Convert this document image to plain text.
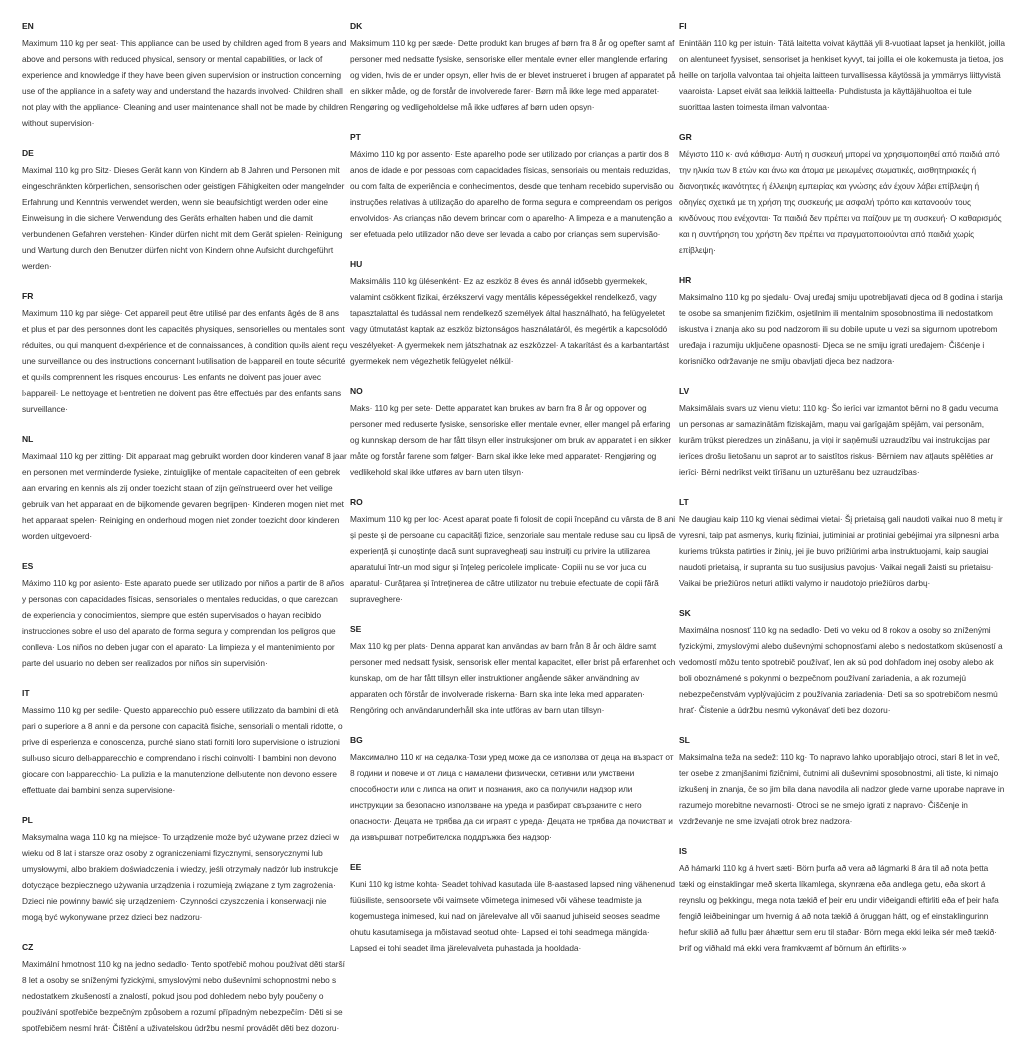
EN

Maximum 110 kg per seat· This appliance can be used by children aged from 8 years and above and persons with reduced physical, sensory or mental capabilities, or lack of experience and knowledge if they have been given supervision or instruction concerning use of the appliance in a safety way and understand the hazards involved· Children shall not play with the appliance· Cleaning and user maintenance shall not be made by children without supervision·

DE

Maximal 110 kg pro Sitz· Dieses Gerät kann von Kindern ab 8 Jahren und Personen mit eingeschränkten körperlichen, sensorischen oder geistigen Fähigkeiten oder mangelnder Erfahrung und Kenntnis verwendet werden, wenn sie beaufsichtigt werden oder eine Einweisung in die sichere Verwendung des Geräts erhalten haben und die damit verbundenen Gefahren verstehen· Kinder dürfen nicht mit dem Gerät spielen· Reinigung und Wartung durch den Benutzer dürfen nicht von Kindern ohne Aufsicht durchgeführt werden·

FR

Maximum 110 kg par siège· Cet appareil peut être utilisé par des enfants âgés de 8 ans et plus et par des personnes dont les capacités physiques, sensorielles ou mentales sont réduites, ou qui manquent d›expérience et de connaissances, à condition qu›ils aient reçu une surveillance ou des instructions concernant l›utilisation de l›appareil en toute sécurité et qu›ils comprennent les risques encourus· Les enfants ne doivent pas jouer avec l›appareil· Le nettoyage et l›entretien ne doivent pas être effectués par des enfants sans surveillance·

NL

Maximaal 110 kg per zitting· Dit apparaat mag gebruikt worden door kinderen vanaf 8 jaar en personen met verminderde fysieke, zintuiglijke of mentale capaciteiten of een gebrek aan ervaring en kennis als zij onder toezicht staan of zijn geïnstrueerd over het veilige gebruik van het apparaat en de bijkomende gevaren begrijpen· Kinderen mogen niet met het apparaat spelen· Reiniging en onderhoud mogen niet zonder toezicht door kinderen worden uitgevoerd·

ES

Máximo 110 kg por asiento· Este aparato puede ser utilizado por niños a partir de 8 años y personas con capacidades físicas, sensoriales o mentales reducidas, o que carezcan de experiencia y conocimientos, siempre que estén supervisados o hayan recibido instrucciones sobre el uso del aparato de forma segura y comprendan los peligros que conlleva· Los niños no deben jugar con el aparato· La limpieza y el mantenimiento por parte del usuario no deben ser realizados por niños sin supervisión·

IT

Massimo 110 kg per sedile· Questo apparecchio può essere utilizzato da bambini di età pari o superiore a 8 anni e da persone con capacità fisiche, sensoriali o mentali ridotte, o prive di esperienza e conoscenza, purché siano stati forniti loro supervisione o istruzioni sull›uso sicuro dell›apparecchio e comprendano i rischi coinvolti· I bambini non devono giocare con l›apparecchio· La pulizia e la manutenzione dell›utente non devono essere effettuate dai bambini senza supervisione·

PL

Maksymalna waga 110 kg na miejsce· To urządzenie może być używane przez dzieci w wieku od 8 lat i starsze oraz osoby z ograniczeniami fizycznymi, sensorycznymi lub umysłowymi, albo brakiem doświadczenia i wiedzy, jeśli otrzymały nadzór lub instrukcje dotyczące bezpiecznego używania urządzenia i rozumieją związane z tym zagrożenia· Dzieci nie powinny bawić się urządzeniem· Czynności czyszczenia i konserwacji nie mogą być wykonywane przez dzieci bez nadzoru·

CZ

Maximální hmotnost 110 kg na jedno sedadlo· Tento spotřebič mohou používat děti starší 8 let a osoby se sníženými fyzickými, smyslovými nebo duševními schopnostmi nebo s nedostatkem zkušeností a znalostí, pokud jsou pod dohledem nebo byly poučeny o používání spotřebiče bezpečným způsobem a rozumí případným nebezpečím· Děti si se spotřebičem nesmí hrát· Čištění a uživatelskou údržbu nesmí provádět děti bez dozoru·

DK

Maksimum 110 kg per sæde· Dette produkt kan bruges af børn fra 8 år og opefter samt af personer med nedsatte fysiske, sensoriske eller mentale evner eller manglende erfaring og viden, hvis de er under opsyn, eller hvis de er blevet instrueret i brugen af apparatet på en sikker måde, og de forstår de involverede farer· Børn må ikke lege med apparatet· Rengøring og vedligeholdelse må ikke udføres af børn uden opsyn·

PT

Máximo 110 kg por assento· Este aparelho pode ser utilizado por crianças a partir dos 8 anos de idade e por pessoas com capacidades físicas, sensoriais ou mentais reduzidas, ou com falta de experiência e conhecimentos, desde que tenham recebido supervisão ou instruções relativas à utilização do aparelho de forma segura e compreendam os perigos envolvidos· As crianças não devem brincar com o aparelho· A limpeza e a manutenção a ser efetuada pelo utilizador não deve ser levada a cabo por crianças sem supervisão·

HU

Maksimális 110 kg ülésenként· Ez az eszköz 8 éves és annál idősebb gyermekek, valamint csökkent fizikai, érzékszervi vagy mentális képességekkel rendelkező, vagy tapasztalattal és tudással nem rendelkező személyek által használható, ha felügyeletet vagy útmutatást kaptak az eszköz biztonságos használatáról, és megértik a kapcsolódó veszélyeket· A gyermekek nem játszhatnak az eszközzel· A takarítást és a karbantartást gyermekek nem végezhetik felügyelet nélkül·

NO

Maks· 110 kg per sete· Dette apparatet kan brukes av barn fra 8 år og oppover og personer med reduserte fysiske, sensoriske eller mentale evner, eller mangel på erfaring og kunnskap dersom de har fått tilsyn eller instruksjoner om bruk av apparatet i en sikker måte og forstår farene som følger· Barn skal ikke leke med apparatet· Rengjøring og vedlikehold skal ikke utføres av barn uten tilsyn·

RO

Maximum 110 kg per loc· Acest aparat poate fi folosit de copii începând cu vârsta de 8 ani și peste și de persoane cu capacități fizice, senzoriale sau mentale reduse sau cu lipsă de experiență și cunoștințe dacă sunt supravegheați sau instruiți cu privire la utilizarea aparatului într-un mod sigur și înțeleg pericolele implicate· Copiii nu se vor juca cu aparatul· Curățarea și întreținerea de către utilizator nu trebuie efectuate de copii fără supraveghere·

SE

Max 110 kg per plats· Denna apparat kan användas av barn från 8 år och äldre samt personer med nedsatt fysisk, sensorisk eller mental kapacitet, eller brist på erfarenhet och kunskap, om de har fått tillsyn eller instruktioner angående säker användning av apparaten och förstår de involverade riskerna· Barn ska inte leka med apparaten· Rengöring och användarunderhåll ska inte utföras av barn utan tillsyn·

BG

Максимално 110 кг на седалка·Този уред може да се използва от деца на възраст от 8 години и повече и от лица с намалени физически, сетивни или умствени способности или с липса на опит и познания, ако са получили надзор или инструкции за безопасно използване на уреда и разбират свързаните с него опасности· Децата не трябва да си играят с уреда· Децата не трябва да почистват и да извършват потребителска поддръжка без надзор·

EE

Kuni 110 kg istme kohta· Seadet tohivad kasutada üle 8-aastased lapsed ning vähenenud füüsiliste, sensoorsete või vaimsete võimetega inimesed või vähese teadmiste ja kogemustega inimesed, kui nad on järelevalve all või saanud juhiseid seoses seadme ohutu kasutamisega ja mõistavad seotud ohte· Lapsed ei tohi seadmega mängida· Lapsed ei tohi seadet ilma järelevalveta puhastada ja hooldada·

FI

Enintään 110 kg per istuin· Tätä laitetta voivat käyttää yli 8-vuotiaat lapset ja henkilöt, joilla on alentuneet fyysiset, sensoriset ja henkiset kyvyt, tai joilla ei ole kokemusta ja tietoa, jos heille on tarjolla valvontaa tai ohjeita laitteen turvallisessa käytössä ja ymmärrys liittyvistä vaaroista· Lapset eivät saa leikkiä laitteella· Puhdistusta ja käyttäjähuoltoa ei tule suorittaa lasten toimesta ilman valvontaa·

GR

Μέγιστο 110 κ· ανά κάθισμα· Αυτή η συσκευή μπορεί να χρησιμοποιηθεί από παιδιά από την ηλικία των 8 ετών και άνω και άτομα με μειωμένες σωματικές, αισθητηριακές ή διανοητικές ικανότητες ή έλλειψη εμπειρίας και γνώσης εάν έχουν λάβει επίβλεψη ή οδηγίες σχετικά με τη χρήση της συσκευής με ασφαλή τρόπο και κατανοούν τους κινδύνους που ενέχονται· Τα παιδιά δεν πρέπει να παίζουν με τη συσκευή· Ο καθαρισμός και η συντήρηση του χρήστη δεν πρέπει να πραγματοποιούνται από παιδιά χωρίς επίβλεψη·

HR

Maksimalno 110 kg po sjedalu· Ovaj uređaj smiju upotrebljavati djeca od 8 godina i starija te osobe sa smanjenim fizičkim, osjetilnim ili mentalnim sposobnostima ili nedostatkom iskustva i znanja ako su pod nadzorom ili su dobile upute u vezi sa sigurnom upotrebom uređaja i razumiju uključene opasnosti· Djeca se ne smiju igrati uređajem· Čišćenje i korisničko održavanje ne smiju obavljati djeca bez nadzora·

LV

Maksimālais svars uz vienu vietu: 110 kg· Šo ierīci var izmantot bērni no 8 gadu vecuma un personas ar samazinātām fiziskajām, maņu vai garīgajām spējām, vai personām, kurām trūkst pieredzes un zināšanu, ja viņi ir saņēmuši uzraudzību vai instrukcijas par ierīces drošu lietošanu un saprot ar to saistītos riskus· Bērniem nav atļauts spēlēties ar ierīci· Bērni nedrīkst veikt tīrīšanu un uzturēšanu bez uzraudzības·

LT

Ne daugiau kaip 110 kg vienai sėdimai vietai· Šį prietaisą gali naudoti vaikai nuo 8 metų ir vyresni, taip pat asmenys, kurių fiziniai, jutiminiai ar protiniai gebėjimai yra silpnesni arba kuriems trūksta patirties ir žinių, jei jie buvo prižiūrimi arba instruktuojami, kaip saugiai naudoti prietaisą, ir suprantа su tuo susijusius pavojus· Vaikai negali žaisti su prietaisu· Vaikai be priežiūros neturi atlikti valymo ir naudotojo priežiūros darbų·

SK

Maximálna nosnosť 110 kg na sedadlo· Deti vo veku od 8 rokov a osoby so zníženými fyzickými, zmyslovými alebo duševnými schopnosťami alebo s nedostatkom skúseností a vedomostí môžu tento spotrebič používať, len ak sú pod dohľadom inej osoby alebo ak boli oboznámené s pokynmi o bezpečnom používaní zariadenia, a ak rozumejú nebezpečenstvám vyplývajúcim z používania zariadenia· Deti sa so spotrebičom nesmú hrať· Čistenie a údržbu nesmú vykonávať deti bez dozoru·

SL

Maksimalna teža na sedež: 110 kg· To napravo lahko uporabljajo otroci, stari 8 let in več, ter osebe z zmanjšanimi fizičnimi, čutnimi ali duševnimi sposobnostmi, ali tiste, ki nimajo izkušenj in znanja, če so jim bila dana navodila ali nadzor glede varne uporabe naprave in razumejo morebitne nevarnosti· Otroci se ne smejo igrati z napravo· Čiščenje in vzdrževanje ne sme izvajati otrok brez nadzora·

IS

Að hámarki 110 kg á hvert sæti· Börn þurfa að vera að lágmarki 8 ára til að nota þetta tæki og einstaklingar með skerta líkamlega, skynræna eða andlega getu, eða skort á reynslu og þekkingu, mega nota tækið ef þeir eru undir viðeigandi eftirliti eða ef þeir hafa fengið leiðbeiningar um hvernig á að nota tækið á öruggan hátt, og ef einstaklingurinn hefur skilið að fullu þær áhættur sem eru til staðar· Börn mega ekki leika sér með tækið· Þrif og viðhald má ekki vera framkvæmt af börnum án eftirlits·»
